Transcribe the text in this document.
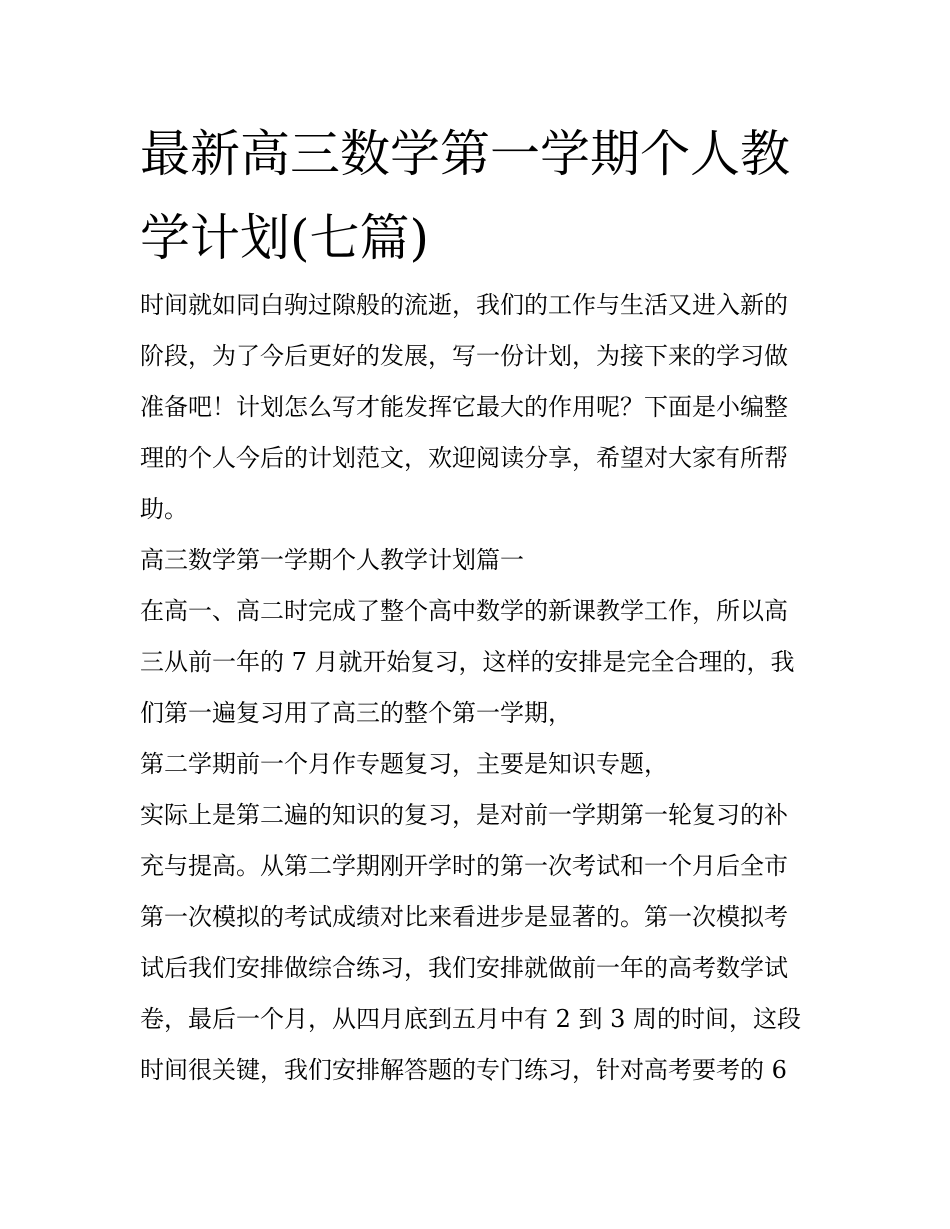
最新高三数学第一学期个人教
学计划(七篇)
时间就如同白驹过隙般的流逝，我们的工作与生活又进入新的
阶段，为了今后更好的发展，写一份计划，为接下来的学习做
准备吧！计划怎么写才能发挥它最大的作用呢？下面是小编整
理的个人今后的计划范文，欢迎阅读分享，希望对大家有所帮
助。
高三数学第一学期个人教学计划篇一
在高一、高二时完成了整个高中数学的新课教学工作，所以高
三从前一年的 7 月就开始复习，这样的安排是完全合理的，我
们第一遍复习用了高三的整个第一学期，
第二学期前一个月作专题复习，主要是知识专题，
实际上是第二遍的知识的复习，是对前一学期第一轮复习的补
充与提高。从第二学期刚开学时的第一次考试和一个月后全市
第一次模拟的考试成绩对比来看进步是显著的。第一次模拟考
试后我们安排做综合练习，我们安排就做前一年的高考数学试
卷，最后一个月，从四月底到五月中有 2 到 3 周的时间，这段
时间很关键，我们安排解答题的专门练习，针对高考要考的 6
